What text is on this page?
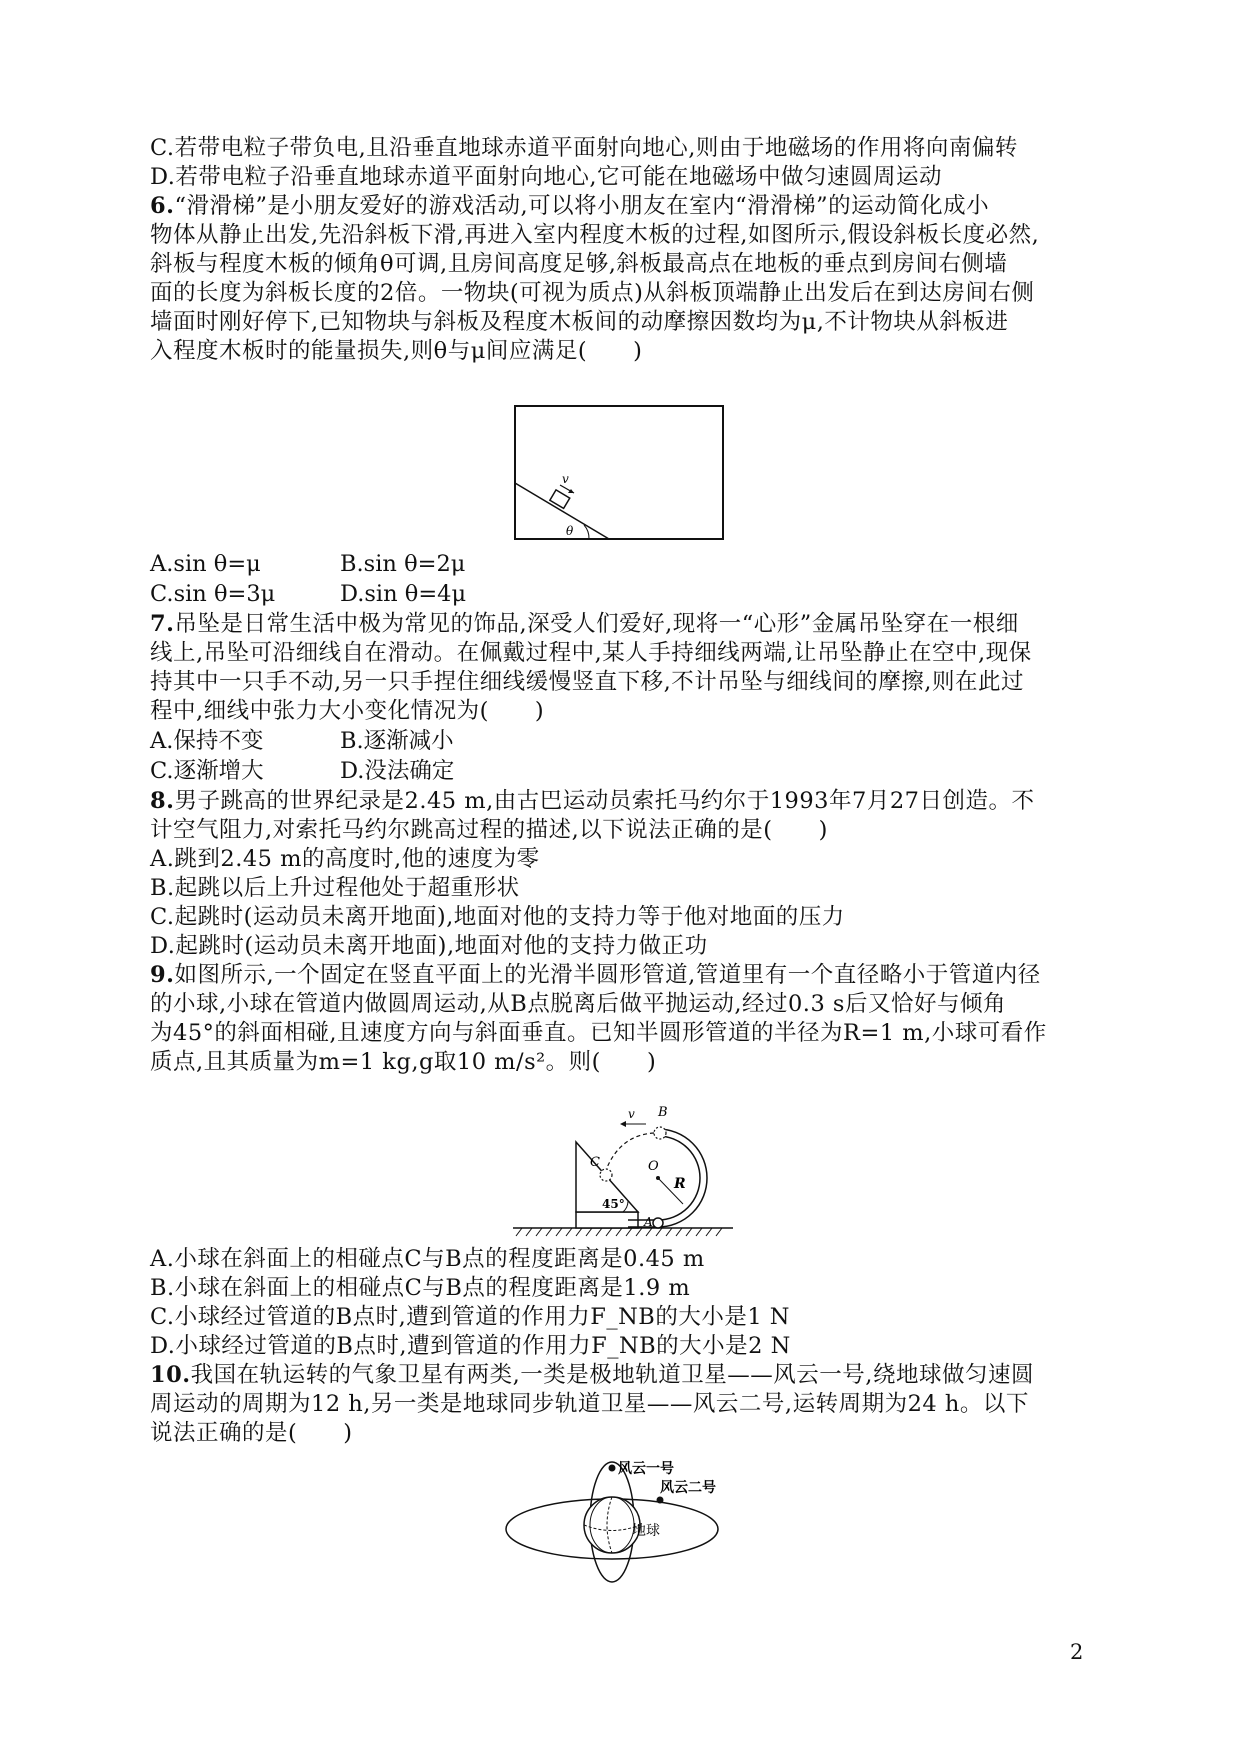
C.若带电粒子带负电,且沿垂直地球赤道平面射向地心,则由于地磁场的作用将向南偏转
D.若带电粒子沿垂直地球赤道平面射向地心,它可能在地磁场中做匀速圆周运动
6.“滑滑梯”是小朋友爱好的游戏活动,可以将小朋友在室内“滑滑梯”的运动简化成小
物体从静止出发,先沿斜板下滑,再进入室内程度木板的过程,如图所示,假设斜板长度必然,
斜板与程度木板的倾角θ可调,且房间高度足够,斜板最高点在地板的垂点到房间右侧墙
面的长度为斜板长度的2倍。一物块(可视为质点)从斜板顶端静止出发后在到达房间右侧
墙面时刚好停下,已知物块与斜板及程度木板间的动摩擦因数均为μ,不计物块从斜板进
入程度木板时的能量损失,则θ与μ间应满足(　　)
v
θ
A.sin θ=μ	B.sin θ=2μ
C.sin θ=3μ	D.sin θ=4μ
7.吊坠是日常生活中极为常见的饰品,深受人们爱好,现将一“心形”金属吊坠穿在一根细
线上,吊坠可沿细线自在滑动。在佩戴过程中,某人手持细线两端,让吊坠静止在空中,现保
持其中一只手不动,另一只手捏住细线缓慢竖直下移,不计吊坠与细线间的摩擦,则在此过
程中,细线中张力大小变化情况为(　　)
A.保持不变	B.逐渐减小
C.逐渐增大	D.没法确定
8.男子跳高的世界纪录是2.45 m,由古巴运动员索托马约尔于1993年7月27日创造。不
计空气阻力,对索托马约尔跳高过程的描述,以下说法正确的是(　　)
A.跳到2.45 m的高度时,他的速度为零
B.起跳以后上升过程他处于超重形状
C.起跳时(运动员未离开地面),地面对他的支持力等于他对地面的压力
D.起跳时(运动员未离开地面),地面对他的支持力做正功
9.如图所示,一个固定在竖直平面上的光滑半圆形管道,管道里有一个直径略小于管道内径
的小球,小球在管道内做圆周运动,从B点脱离后做平抛运动,经过0.3 s后又恰好与倾角
为45°的斜面相碰,且速度方向与斜面垂直。已知半圆形管道的半径为R=1 m,小球可看作
质点,且其质量为m=1 kg,g取10 m/s²。则(　　)
45°
v
O
R
B
C
A
A.小球在斜面上的相碰点C与B点的程度距离是0.45 m
B.小球在斜面上的相碰点C与B点的程度距离是1.9 m
C.小球经过管道的B点时,遭到管道的作用力F_NB的大小是1 N
D.小球经过管道的B点时,遭到管道的作用力F_NB的大小是2 N
10.我国在轨运转的气象卫星有两类,一类是极地轨道卫星——风云一号,绕地球做匀速圆
周运动的周期为12 h,另一类是地球同步轨道卫星——风云二号,运转周期为24 h。以下
说法正确的是(　　)
风云一号
风云二号
地球
2
